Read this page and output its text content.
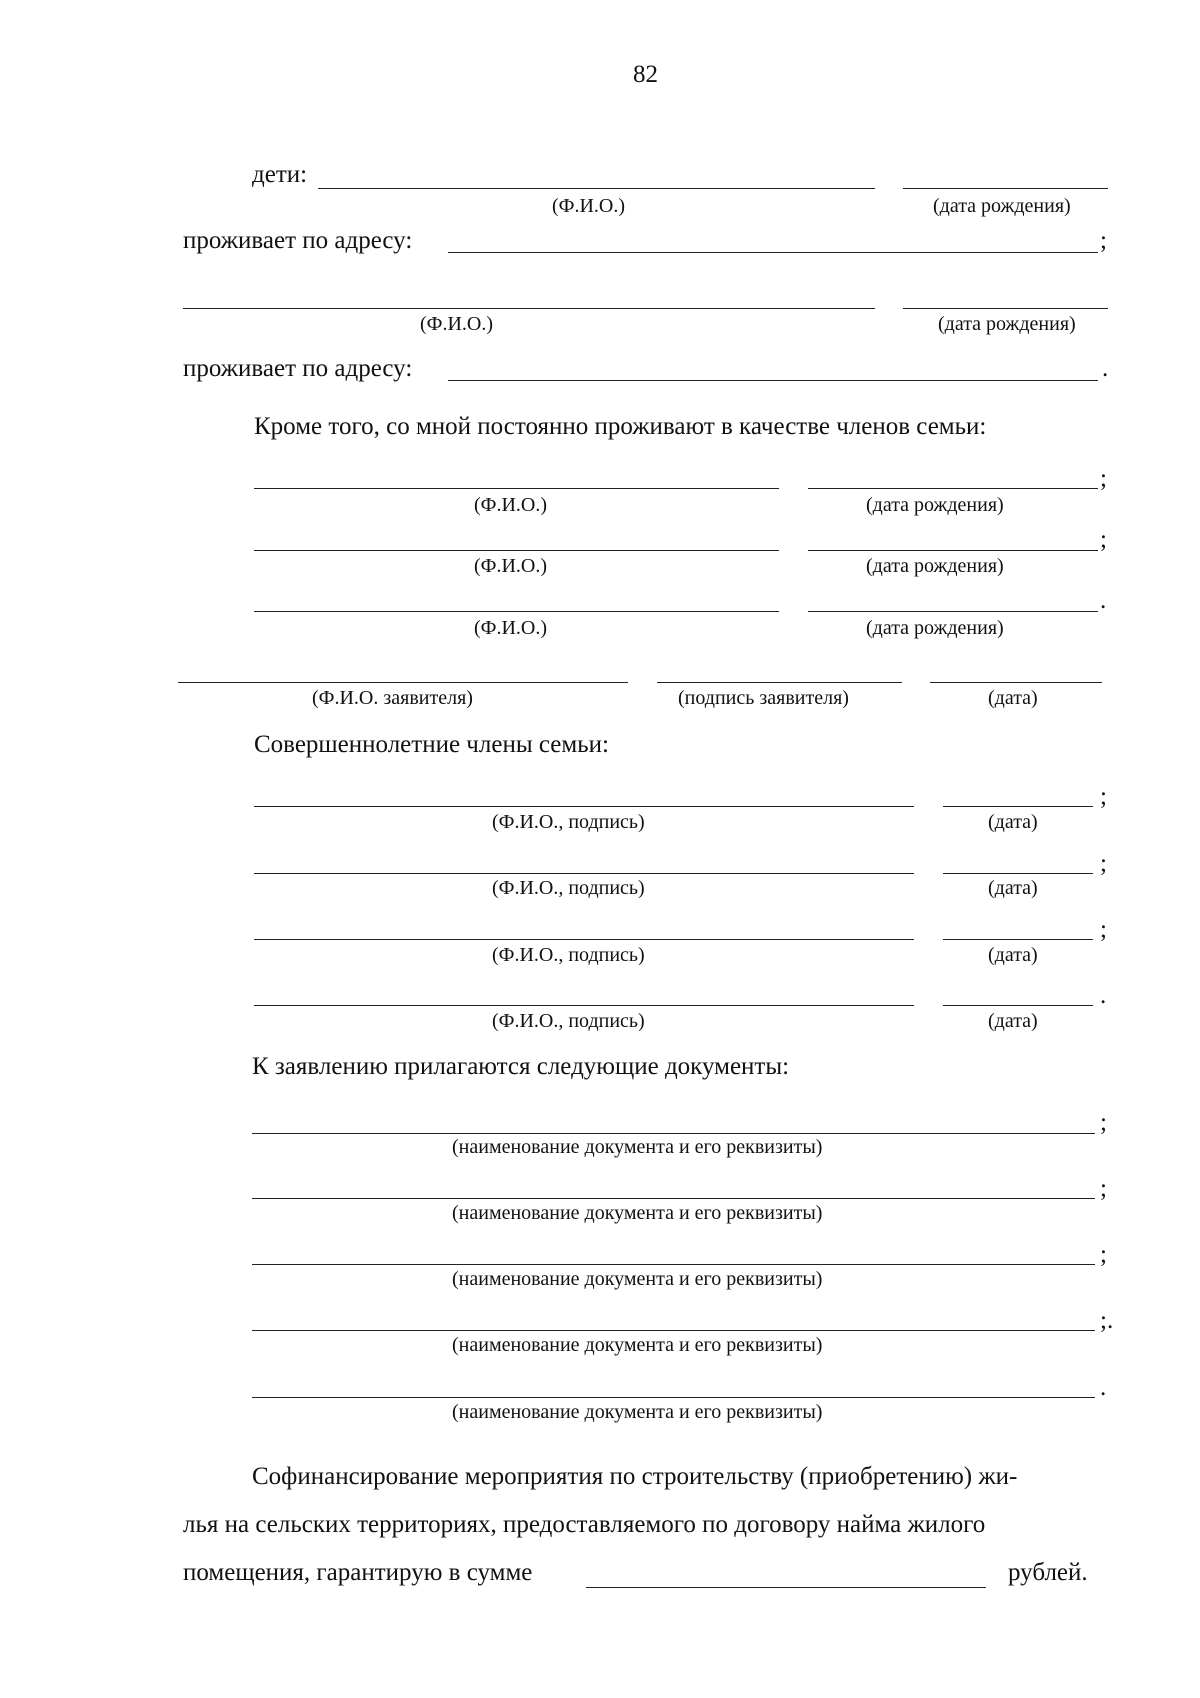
82
дети:
(Ф.И.О.)	(дата рождения)
проживает по адресу:	;
(Ф.И.О.)	(дата рождения)
проживает по адресу:	.
Кроме того, со мной постоянно проживают в качестве членов семьи:
;
(Ф.И.О.)	(дата рождения)
;
(Ф.И.О.)	(дата рождения)
.
(Ф.И.О.)	(дата рождения)
(Ф.И.О. заявителя)	(подпись заявителя)	(дата)
Совершеннолетние члены семьи:
;
(Ф.И.О., подпись)	(дата)
;
(Ф.И.О., подпись)	(дата)
;
(Ф.И.О., подпись)	(дата)
.
(Ф.И.О., подпись)	(дата)
К заявлению прилагаются следующие документы:
;
(наименование документа и его реквизиты)
;
(наименование документа и его реквизиты)
;
(наименование документа и его реквизиты)
;.
(наименование документа и его реквизиты)
.
(наименование документа и его реквизиты)
Софинансирование мероприятия по строительству (приобретению) жи-
лья на сельских территориях, предоставляемого по договору найма жилого
помещения, гарантирую в сумме	рублей.
